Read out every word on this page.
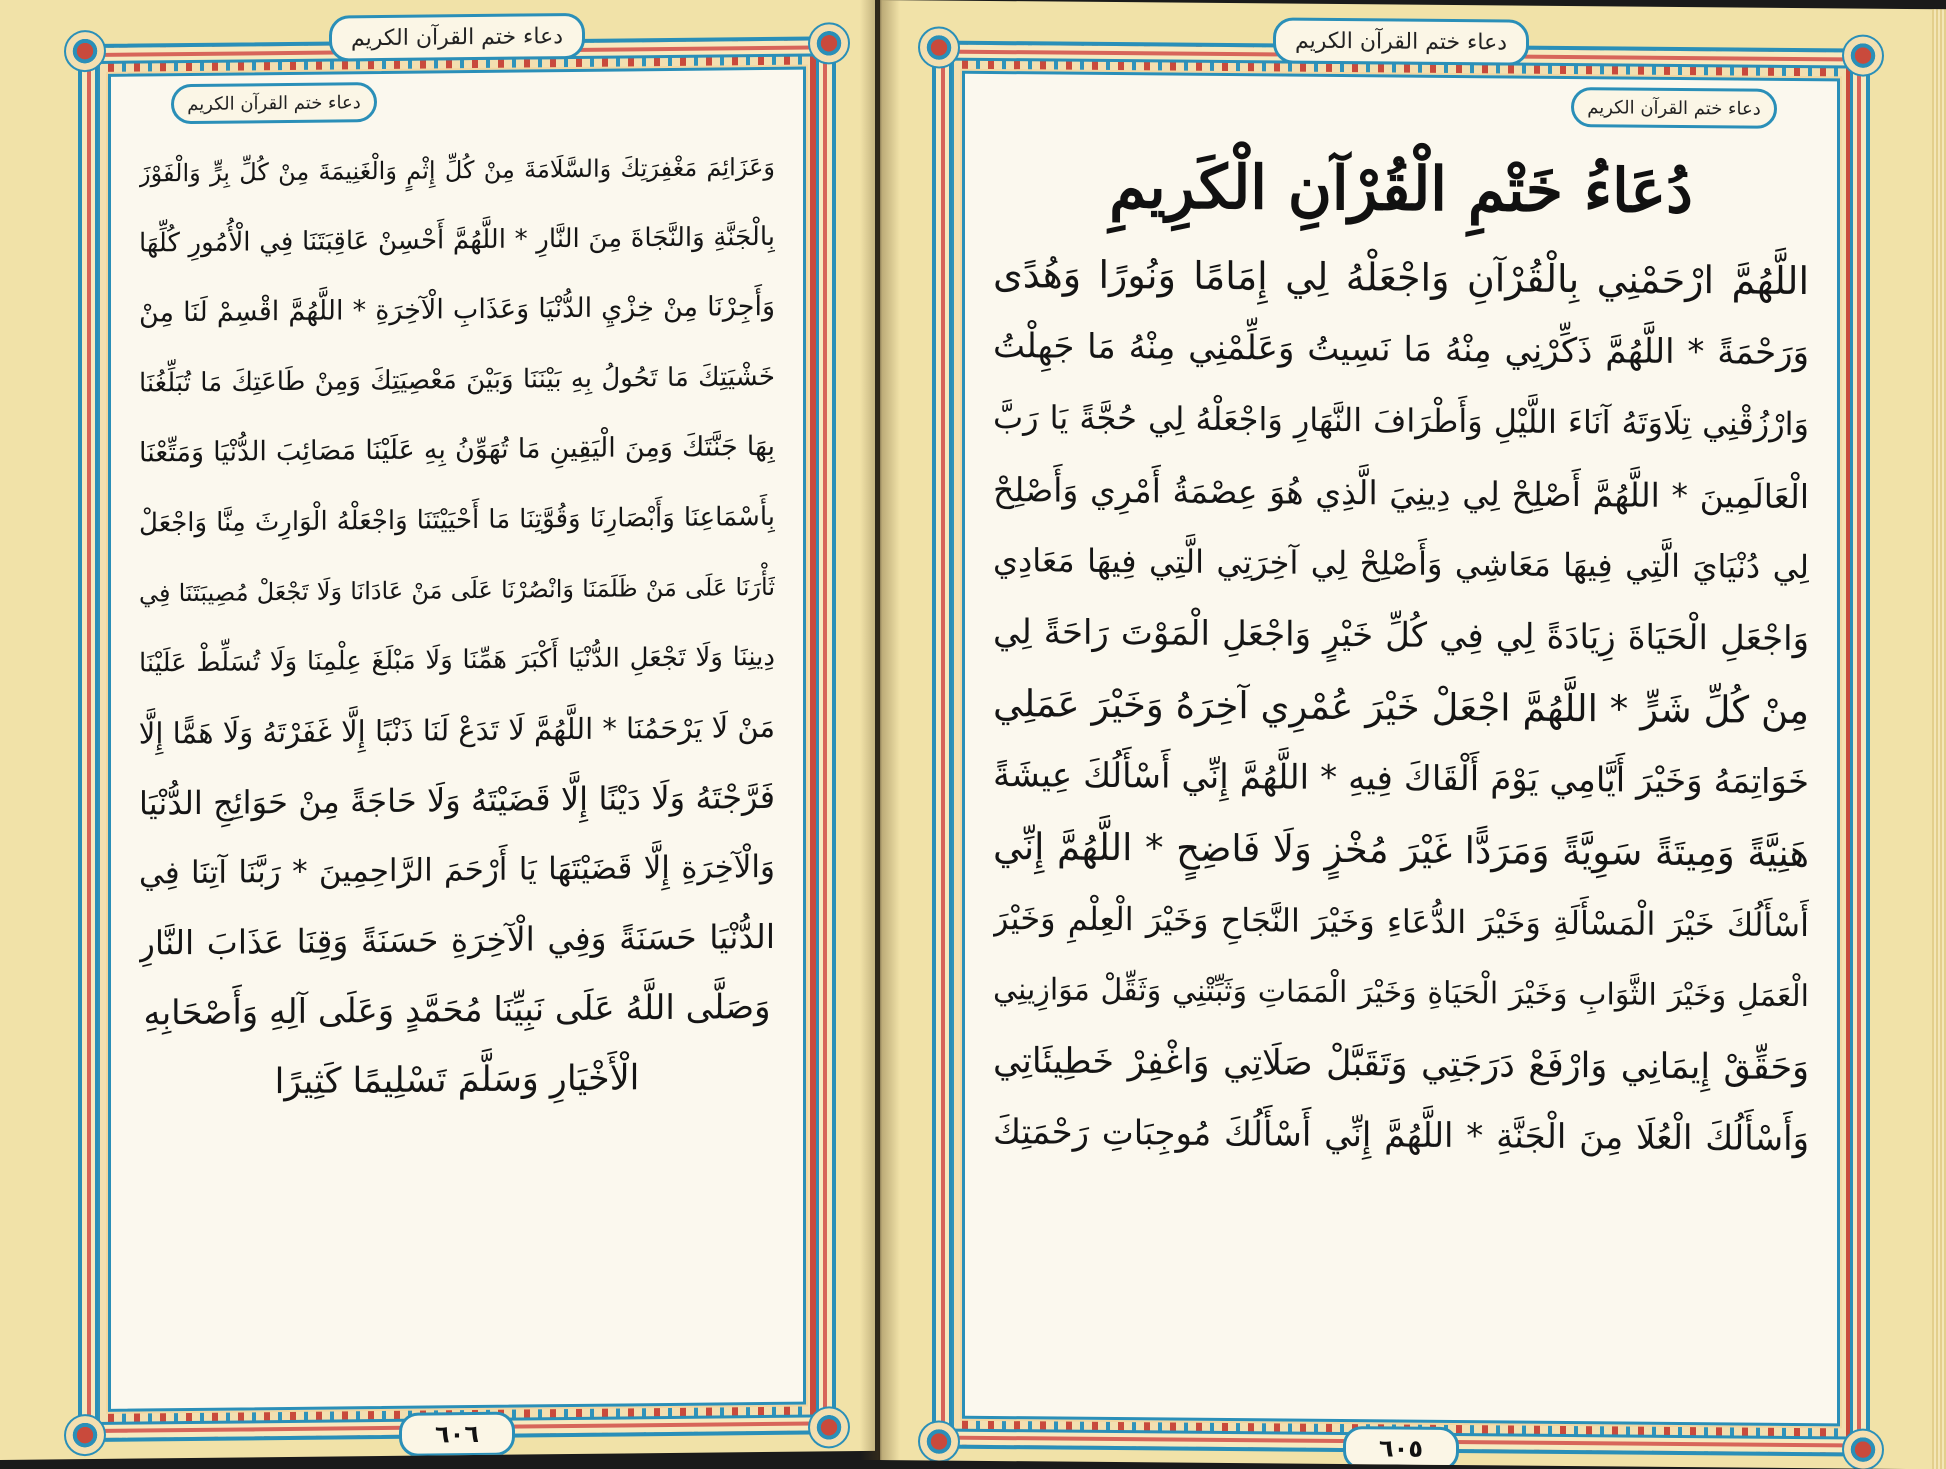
دعاء ختم القرآن الكريم
دعاء ختم القرآن الكريم
وَعَزَائِمَ مَغْفِرَتِكَ وَالسَّلَامَةَ مِنْ كُلِّ إِثْمٍ وَالْغَنِيمَةَ مِنْ كُلِّ بِرٍّ وَالْفَوْزَ
بِالْجَنَّةِ وَالنَّجَاةَ مِنَ النَّارِ * اللَّهُمَّ أَحْسِنْ عَاقِبَتَنَا فِي الْأُمُورِ كُلِّهَا
وَأَجِرْنَا مِنْ خِزْيِ الدُّنْيَا وَعَذَابِ الْآخِرَةِ * اللَّهُمَّ اقْسِمْ لَنَا مِنْ
خَشْيَتِكَ مَا تَحُولُ بِهِ بَيْنَنَا وَبَيْنَ مَعْصِيَتِكَ وَمِنْ طَاعَتِكَ مَا تُبَلِّغُنَا
بِهَا جَنَّتَكَ وَمِنَ الْيَقِينِ مَا تُهَوِّنُ بِهِ عَلَيْنَا مَصَائِبَ الدُّنْيَا وَمَتِّعْنَا
بِأَسْمَاعِنَا وَأَبْصَارِنَا وَقُوَّتِنَا مَا أَحْيَيْتَنَا وَاجْعَلْهُ الْوَارِثَ مِنَّا وَاجْعَلْ
ثَأْرَنَا عَلَى مَنْ ظَلَمَنَا وَانْصُرْنَا عَلَى مَنْ عَادَانَا وَلَا تَجْعَلْ مُصِيبَتَنَا فِي
دِينِنَا وَلَا تَجْعَلِ الدُّنْيَا أَكْبَرَ هَمِّنَا وَلَا مَبْلَغَ عِلْمِنَا وَلَا تُسَلِّطْ عَلَيْنَا
مَنْ لَا يَرْحَمُنَا * اللَّهُمَّ لَا تَدَعْ لَنَا ذَنْبًا إِلَّا غَفَرْتَهُ وَلَا هَمًّا إِلَّا
فَرَّجْتَهُ وَلَا دَيْنًا إِلَّا قَضَيْتَهُ وَلَا حَاجَةً مِنْ حَوَائِجِ الدُّنْيَا
وَالْآخِرَةِ إِلَّا قَضَيْتَهَا يَا أَرْحَمَ الرَّاحِمِينَ * رَبَّنَا آتِنَا فِي
الدُّنْيَا حَسَنَةً وَفِي الْآخِرَةِ حَسَنَةً وَقِنَا عَذَابَ النَّارِ
وَصَلَّى اللَّهُ عَلَى نَبِيِّنَا مُحَمَّدٍ وَعَلَى آلِهِ وَأَصْحَابِهِ
الْأَخْيَارِ وَسَلَّمَ تَسْلِيمًا كَثِيرًا
٦٠٦
دعاء ختم القرآن الكريم
دعاء ختم القرآن الكريم
دُعَاءُ خَتْمِ الْقُرْآنِ الْكَرِيمِ
اللَّهُمَّ ارْحَمْنِي بِالْقُرْآنِ وَاجْعَلْهُ لِي إِمَامًا وَنُورًا وَهُدًى
وَرَحْمَةً * اللَّهُمَّ ذَكِّرْنِي مِنْهُ مَا نَسِيتُ وَعَلِّمْنِي مِنْهُ مَا جَهِلْتُ
وَارْزُقْنِي تِلَاوَتَهُ آنَاءَ اللَّيْلِ وَأَطْرَافَ النَّهَارِ وَاجْعَلْهُ لِي حُجَّةً يَا رَبَّ
الْعَالَمِينَ * اللَّهُمَّ أَصْلِحْ لِي دِينِيَ الَّذِي هُوَ عِصْمَةُ أَمْرِي وَأَصْلِحْ
لِي دُنْيَايَ الَّتِي فِيهَا مَعَاشِي وَأَصْلِحْ لِي آخِرَتِي الَّتِي فِيهَا مَعَادِي
وَاجْعَلِ الْحَيَاةَ زِيَادَةً لِي فِي كُلِّ خَيْرٍ وَاجْعَلِ الْمَوْتَ رَاحَةً لِي
مِنْ كُلِّ شَرٍّ * اللَّهُمَّ اجْعَلْ خَيْرَ عُمْرِي آخِرَهُ وَخَيْرَ عَمَلِي
خَوَاتِمَهُ وَخَيْرَ أَيَّامِي يَوْمَ أَلْقَاكَ فِيهِ * اللَّهُمَّ إِنِّي أَسْأَلُكَ عِيشَةً
هَنِيَّةً وَمِيتَةً سَوِيَّةً وَمَرَدًّا غَيْرَ مُخْزٍ وَلَا فَاضِحٍ * اللَّهُمَّ إِنِّي
أَسْأَلُكَ خَيْرَ الْمَسْأَلَةِ وَخَيْرَ الدُّعَاءِ وَخَيْرَ النَّجَاحِ وَخَيْرَ الْعِلْمِ وَخَيْرَ
الْعَمَلِ وَخَيْرَ الثَّوَابِ وَخَيْرَ الْحَيَاةِ وَخَيْرَ الْمَمَاتِ وَثَبِّتْنِي وَثَقِّلْ مَوَازِينِي
وَحَقِّقْ إِيمَانِي وَارْفَعْ دَرَجَتِي وَتَقَبَّلْ صَلَاتِي وَاغْفِرْ خَطِيئَاتِي
وَأَسْأَلُكَ الْعُلَا مِنَ الْجَنَّةِ * اللَّهُمَّ إِنِّي أَسْأَلُكَ مُوجِبَاتِ رَحْمَتِكَ
٦٠٥
